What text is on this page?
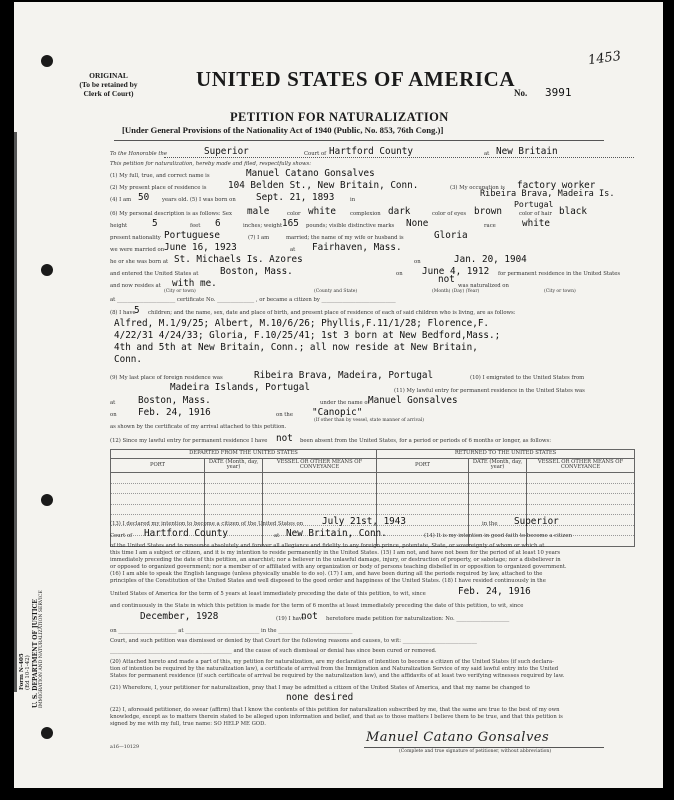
1453
ORIGINAL
(To be retained by
Clerk of Court)
UNITED STATES OF AMERICA
No. 3991
PETITION FOR NATURALIZATION
[Under General Provisions of the Nationality Act of 1940 (Public, No. 853, 76th Cong.)]
To the Honorable the	Superior	Court of Hartford County	at New Britain
This petition for naturalization, hereby made and filed, respectfully shows:
(1) My full, true, and correct name is	Manuel Catano Gonsalves
(2) My present place of residence is 104 Belden St., New Britain, Conn.	(3) My occupation is factory worker
(4) I am 50 years old. (5) I was born on Sept. 21, 1893	in
Ribeira Brava, Madeira Is.
Portugal
(6) My personal description is as follows: Sex male	color white	complexion dark	color of eyes brown	color of hair black
height	5	feet 6	inches; weight 165 pounds; visible distinctive marks None	race	white
present nationality Portuguese	(7) I am	married; the name of my wife or husband is	Gloria
we were married on June 16, 1923	at Fairhaven, Mass.
he or she was born at St. Michaels Is. Azores	on	Jan. 20, 1904
and entered the United States at Boston, Mass.	on June 4, 1912 for permanent residence in the United States
and now resides at with me.	not
was naturalized on
(City or town)	(County and State)	(Month) (Day) (Year)	(City or town)
at ______________________ certificate No. ______________ , or became a citizen by ____________________________
(8) I have
5 children; and the name, sex, date and place of birth, and present place of residence of each of said children who is living, are as follows:
Alfred, M.1/9/25; Albert, M.10/6/26; Phyllis,F.11/1/28; Florence,F.
4/22/31 4/24/33; Gloria, F.10/25/41; 1st 3 born at New Bedford,Mass.;
4th and 5th at New Britain, Conn.; all now reside at New Britain,
Conn.
(9) My last place of foreign residence was	Ribeira Brava, Madeira, Portugal	(10) I emigrated to the United States from
Madeira Islands, Portugal	(11) My lawful entry for permanent residence in the United States was
at Boston, Mass.	under the name of
Manuel Gonsalves
on Feb. 24, 1916	on the "Canopic"
(If other than by vessel, state manner of arrival)
as shown by the certificate of my arrival attached to this petition.
(12) Since my lawful entry for permanent residence I have not been absent from the United States, for a period or periods of 6 months or longer, as follows:
DEPARTED FROM THE UNITED STATES		
PORT	DATE (Month, day, year)	VESSEL OR OTHER MEANS OF CONVEYANCE

RETURNED TO THE UNITED STATES		
PORT	DATE (Month, day, year)	VESSEL OR OTHER MEANS OF CONVEYANCE

(13) I declared my intention to become a citizen of the United States on July 21st, 1943	in the Superior
Court of Hartford County	at New Britain, Conn.	(14) It is my intention in good faith to become a citizen
of the United States and to renounce absolutely and forever all allegiance and fidelity to any foreign prince, potentate, State, or sovereignty of whom or which at
this time I am a subject or citizen, and it is my intention to reside permanently in the United States. (15) I am not, and have not been for the period of at least 10 years
immediately preceding the date of this petition, an anarchist; nor a believer in the unlawful damage, injury, or destruction of property, or sabotage; nor a disbeliever in
or opposed to organized government; nor a member of or affiliated with any organization or body of persons teaching disbelief in or opposition to organized government.
(16) I am able to speak the English language (unless physically unable to do so). (17) I am, and have been during all the periods required by law, attached to the
principles of the Constitution of the United States and well disposed to the good order and happiness of the United States. (18) I have resided continuously in the
United States of America for the term of 5 years at least immediately preceding the date of this petition, to wit, since	Feb. 24, 1916
and continuously in the State in which this petition is made for the term of 6 months at least immediately preceding the date of this petition, to wit, since
December, 1928	(19) I have
not heretofore made petition for naturalization: No. ____________________
on ______________________ at ____________________________ in the ____________________________
Court, and such petition was dismissed or denied by that Court for the following reasons and causes, to wit: ____________________________
______________________________________________ and the cause of such dismissal or denial has since been cured or removed.
(20) Attached hereto and made a part of this, my petition for naturalization, are my declaration of intention to become a citizen of the United States (if such declara-
tion of intention be required by the naturalization law), a certificate of arrival from the Immigration and Naturalization Service of my said lawful entry into the United
States for permanent residence (if such certificate of arrival be required by the naturalization law), and the affidavits of at least two verifying witnesses required by law.
(21) Wherefore, I, your petitioner for naturalization, pray that I may be admitted a citizen of the United States of America, and that my name be changed to
none desired
(22) I, aforesaid petitioner, do swear (affirm) that I know the contents of this petition for naturalization subscribed by me, that the same are true to the best of my own
knowledge, except as to matters therein stated to be alleged upon information and belief, and that as to those matters I believe them to be true, and that this petition is
signed by me with my full, true name: SO HELP ME GOD.
Manuel Catano Gonsalves
(Complete and true signature of petitioner, without abbreviation)
a16—10129
Form N-405 (Ed 10-1-42) U. S. DEPARTMENT OF JUSTICE IMMIGRATION AND NATURALIZATION SERVICE
